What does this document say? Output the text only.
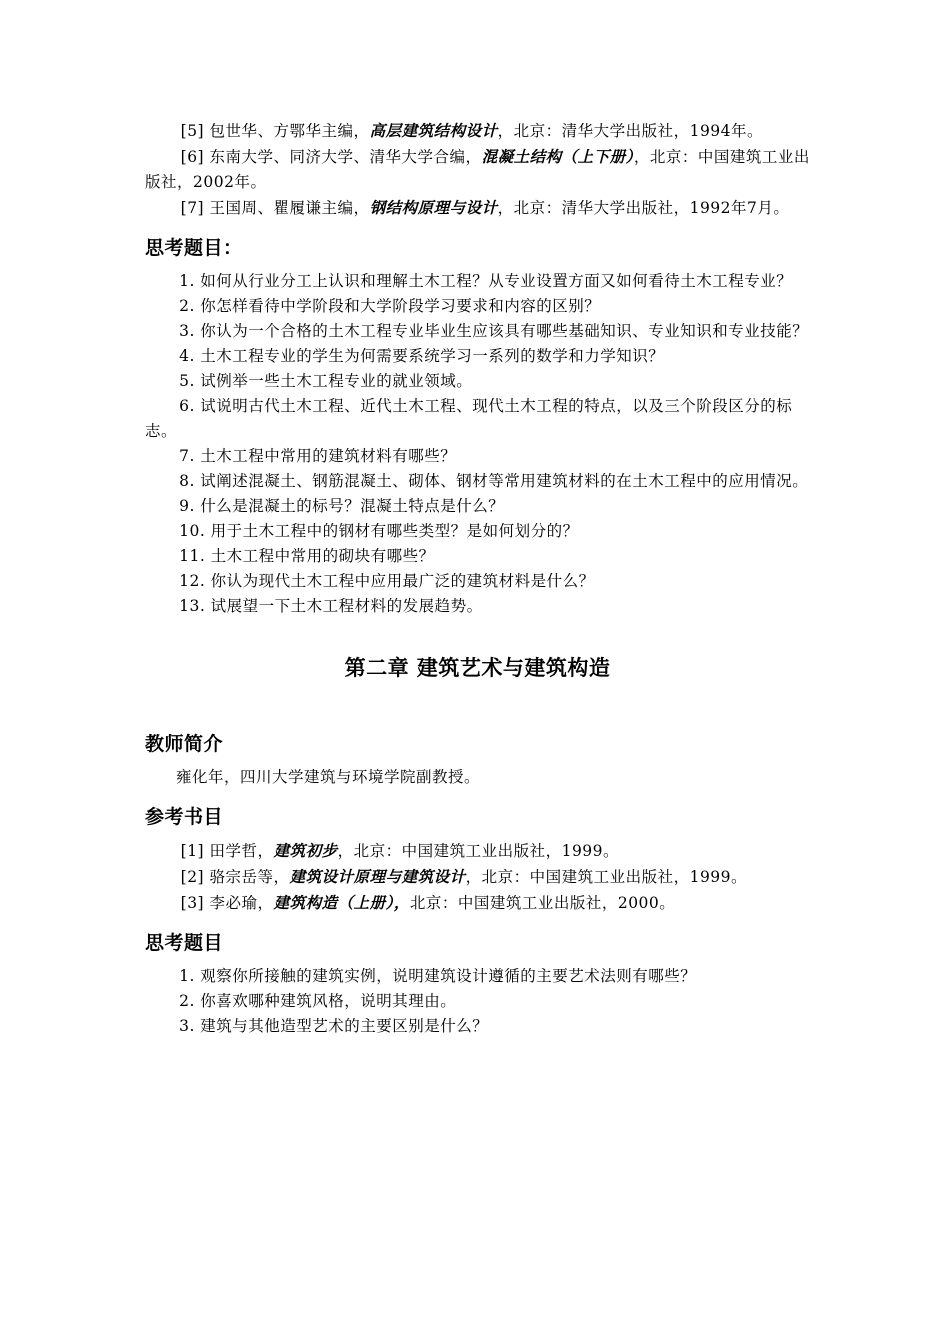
[5] 包世华、方鄂华主编，高层建筑结构设计，北京：清华大学出版社，1994年。

[6] 东南大学、同济大学、清华大学合编，混凝土结构（上下册），北京：中国建筑工业出版社，2002年。

[7] 王国周、瞿履谦主编，钢结构原理与设计，北京：清华大学出版社，1992年7月。

思考题目：

1. 如何从行业分工上认识和理解土木工程？从专业设置方面又如何看待土木工程专业？

2. 你怎样看待中学阶段和大学阶段学习要求和内容的区别？

3. 你认为一个合格的土木工程专业毕业生应该具有哪些基础知识、专业知识和专业技能？

4. 土木工程专业的学生为何需要系统学习一系列的数学和力学知识？

5. 试例举一些土木工程专业的就业领域。

6. 试说明古代土木工程、近代土木工程、现代土木工程的特点，以及三个阶段区分的标志。

7. 土木工程中常用的建筑材料有哪些？

8. 试阐述混凝土、钢筋混凝土、砌体、钢材等常用建筑材料的在土木工程中的应用情况。

9. 什么是混凝土的标号？混凝土特点是什么？

10. 用于土木工程中的钢材有哪些类型？是如何划分的？

11. 土木工程中常用的砌块有哪些？

12. 你认为现代土木工程中应用最广泛的建筑材料是什么？

13. 试展望一下土木工程材料的发展趋势。

第二章 建筑艺术与建筑构造
教师简介

雍化年，四川大学建筑与环境学院副教授。

参考书目

[1] 田学哲，建筑初步，北京：中国建筑工业出版社，1999。

[2] 骆宗岳等，建筑设计原理与建筑设计，北京：中国建筑工业出版社，1999。

[3] 李必瑜，建筑构造（上册），北京：中国建筑工业出版社，2000。

思考题目

1. 观察你所接触的建筑实例，说明建筑设计遵循的主要艺术法则有哪些？

2. 你喜欢哪种建筑风格，说明其理由。

3. 建筑与其他造型艺术的主要区别是什么？
